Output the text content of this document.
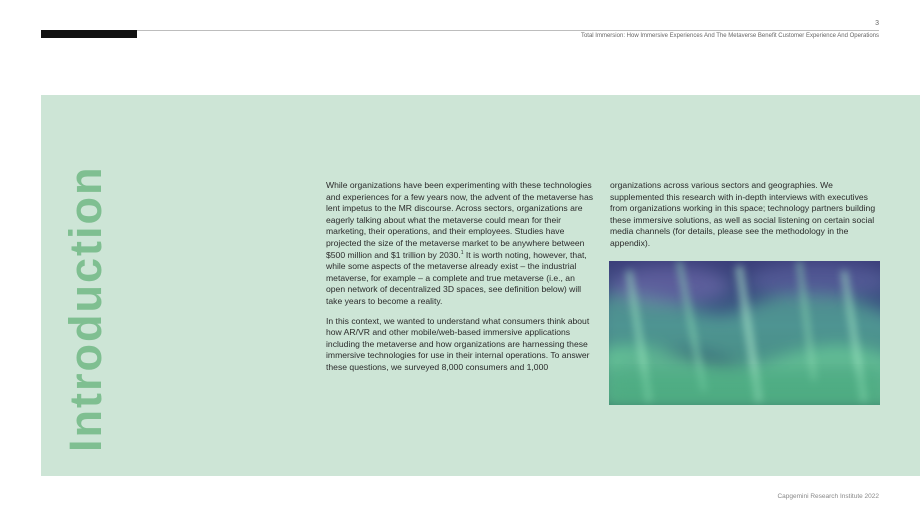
3
Total Immersion: How Immersive Experiences And The Metaverse Benefit Customer Experience And Operations
Introduction	While organizations have been experimenting with these technologies and experiences for a few years now, the advent of the metaverse has lent impetus to the MR discourse. Across sectors, organizations are eagerly talking about what the metaverse could mean for their marketing, their operations, and their employees. Studies have projected the size of the metaverse market to be anywhere between $500 million and $1 trillion by 2030.$^1$ It is worth noting, however, that, while some aspects of the metaverse already exist – the industrial metaverse, for example – a complete and true metaverse (i.e., an open network of decentralized 3D spaces, see definition below) will take years to become a reality.

In this context, we wanted to understand what consumers think about how AR/VR and other mobile/web-based immersive applications including the metaverse and how organizations are harnessing these immersive technologies for use in their internal operations. To answer these questions, we surveyed 8,000 consumers and 1,000

organizations across various sectors and geographies. We supplemented this research with in-depth interviews with executives from organizations working in this space; technology partners building these immersive solutions, as well as social listening on certain social media channels (for details, please see the methodology in the appendix).

Capgemini Research Institute 2022
